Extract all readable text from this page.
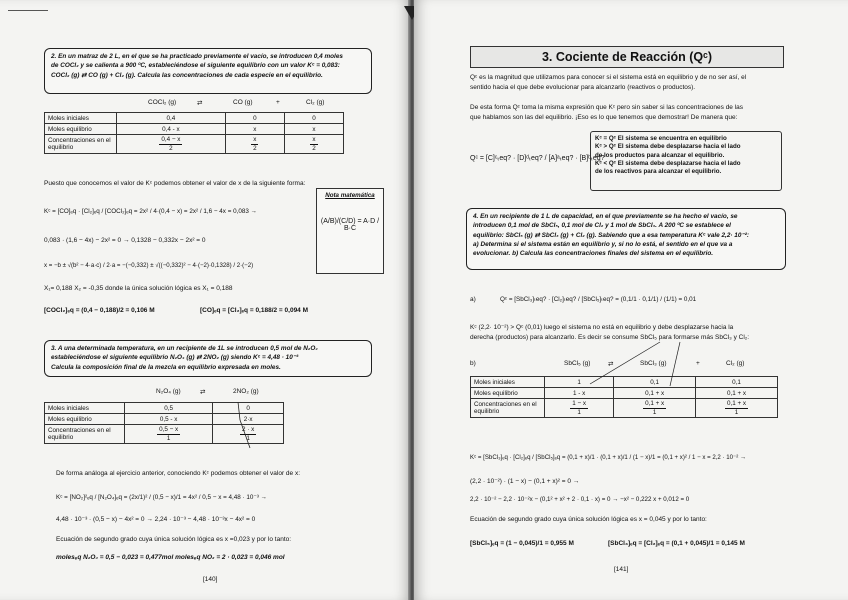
2. En un matraz de 2 L, en el que se ha practicado previamente el vacío, se introducen 0,4 moles
de COCl₂ y se calienta a 900 ºC, estableciéndose el siguiente equilibrio con un valor Kᶜ = 0,083:
COCl₂ (g) ⇄ CO (g) + Cl₂ (g). Calcula las concentraciones de cada especie en el equilibrio.
COCl₂ (g)	⇄	CO (g)	+	Cl₂ (g)
Moles iniciales	0,4	0	0
Moles equilibrio	0,4 - x	x	x
Concentraciones en el equilibrio	$\frac{0,4 - x}{2}$	$\frac{x}{2}$	$\frac{x}{2}$
Puesto que conocemos el valor de Kᶜ podemos obtener el valor de x de la siguiente forma:
Kᶜ = [CO]ₑq · [Cl₂]ₑq / [COCl₂]ₑq = 2x² / 4·(0,4 − x) = 2x² / 1,6 − 4x = 0,083 →
Nota matemática
(A/B)/(C/D) = A·D / B·C
0,083 · (1,6 − 4x) − 2x² = 0 → 0,1328 − 0,332x − 2x² = 0
x = −b ± √(b² − 4·a·c) / 2·a = −(−0,332) ± √((−0,332)² − 4·(−2)·0,1328) / 2·(−2)
X₁= 0,188 X₂ = -0,35 donde la única solución lógica es X₁ = 0,188
[COCl₂]ₑq = (0,4 − 0,188)/2 = 0,106 M	[CO]ₑq = [Cl₂]ₑq = 0,188/2 = 0,094 M
3. A una determinada temperatura, en un recipiente de 1L se introducen 0,5 mol de N₂O₄
estableciéndose el siguiente equilibrio N₂O₄ (g) ⇄ 2NO₂ (g) siendo Kᶜ = 4,48 · 10⁻³
Calcula la composición final de la mezcla en equilibrio expresada en moles.
N₂O₄ (g)	⇄	2NO₂ (g)
Moles iniciales	0,5	0
Moles equilibrio	0,5 - x	2·x
Concentraciones en el equilibrio	$\frac{0,5 - x}{1}$	$\frac{2 \cdot x}{1}$
De forma análoga al ejercicio anterior, conociendo Kᶜ podemos obtener el valor de x:
Kᶜ = [NO₂]²ₑq / [N₂O₄]ₑq = (2x/1)² / (0,5 − x)/1 = 4x² / 0,5 − x = 4,48 · 10⁻³ →
4,48 · 10⁻³ · (0,5 − x) − 4x² = 0 → 2,24 · 10⁻³ − 4,48 · 10⁻³x − 4x² = 0
Ecuación de segundo grado cuya única solución lógica es x =0,023 y por lo tanto:
molesₑq N₂O₄ = 0,5 − 0,023 = 0,477mol molesₑq NO₂ = 2 · 0,023 = 0,046 mol
[140]
3. Cociente de Reacción (Qᶜ)
Qᶜ es la magnitud que utilizamos para conocer si el sistema está en equilibrio y de no ser así, el
sentido hacia el que debe evolucionar para alcanzarlo (reactivos o productos).
De esta forma Qᶜ toma la misma expresión que Kᶜ pero sin saber si las concentraciones de las
que hablamos son las del equilibrio. ¡Eso es lo que tenemos que demostrar! De manera que:
Qᶜ = [C]ᶜₜeq? · [D]ᵈₜeq? / [A]ᵃₜeq? · [B]ᵇₜeq?
Kᶜ = Qᶜ El sistema se encuentra en equilibrio
Kᶜ > Qᶜ El sistema debe desplazarse hacia el lado
de los productos para alcanzar el equilibrio.
Kᶜ < Qᶜ El sistema debe desplazarse hacia el lado
de los reactivos para alcanzar el equilibrio.
4. En un recipiente de 1 L de capacidad, en el que previamente se ha hecho el vacío, se
introducen 0,1 mol de SbCl₅, 0,1 mol de Cl₂ y 1 mol de SbCl₃. A 200 ºC se establece el
equilibrio: SbCl₅ (g) ⇄ SbCl₃ (g) + Cl₂ (g). Sabiendo que a esa temperatura Kᶜ vale 2,2· 10⁻²:
a) Determina si el sistema están en equilibrio y, si no lo está, el sentido en el que va a
evolucionar. b) Calcula las concentraciones finales del sistema en el equilibrio.
a)	Qᶜ = [SbCl₃]ₜeq? · [Cl₂]ₜeq? / [SbCl₅]ₜeq? = (0,1/1 · 0,1/1) / (1/1) = 0,01
Kᶜ (2,2· 10⁻²) > Qᶜ (0,01) luego el sistema no está en equilibrio y debe desplazarse hacia la
derecha (productos) para alcanzarlo. Es decir se consume SbCl₅ para formarse más SbCl₃ y Cl₂:
b)	SbCl₅ (g)	⇄	SbCl₃ (g)	+	Cl₂ (g)
Moles iniciales	1	0,1	0,1
Moles equilibrio	1 - x	0,1 + x	0,1 + x
Concentraciones en el equilibrio	$\frac{1 - x}{1}$	$\frac{0,1 + x}{1}$	$\frac{0,1 + x}{1}$
Kᶜ = [SbCl₃]ₑq · [Cl₂]ₑq / [SbCl₅]ₑq = (0,1 + x)/1 · (0,1 + x)/1 / (1 − x)/1 = (0,1 + x)² / 1 − x = 2,2 · 10⁻² →
(2,2 · 10⁻²) · (1 − x) − (0,1 + x)² = 0 →
2,2 · 10⁻² − 2,2 · 10⁻²x − (0,1² + x² + 2 · 0,1 · x) = 0 → −x² − 0,222 x + 0,012 = 0
Ecuación de segundo grado cuya única solución lógica es x = 0,045 y por lo tanto:
[SbCl₅]ₑq = (1 − 0,045)/1 = 0,955 M	[SbCl₃]ₑq = [Cl₂]ₑq = (0,1 + 0,045)/1 = 0,145 M
[141]
